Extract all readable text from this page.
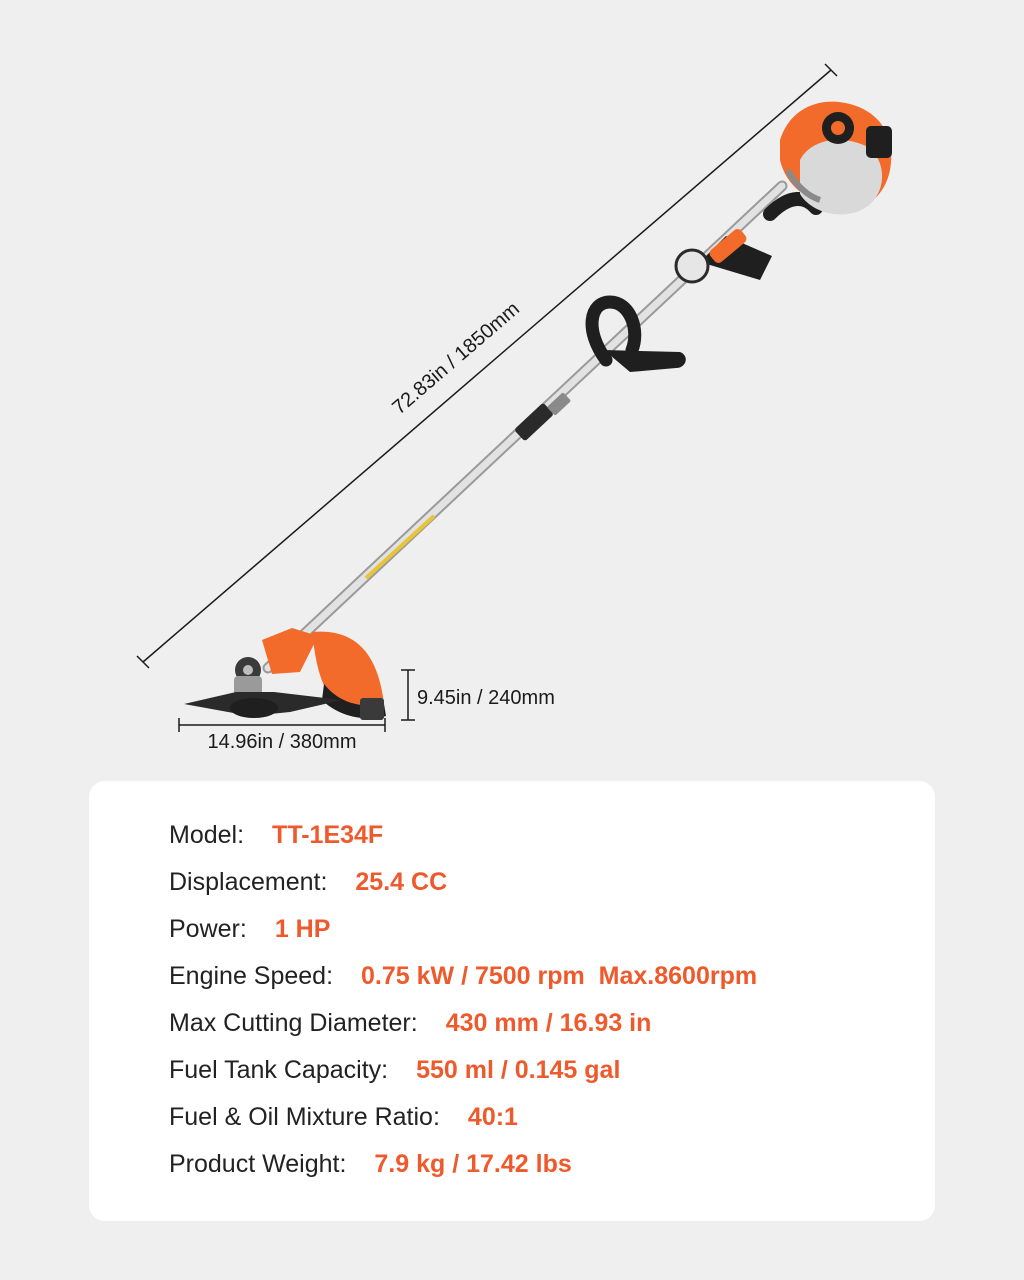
72.83in / 1850mm
9.45in / 240mm
14.96in / 380mm
Model: TT-1E34F
Displacement: 25.4 CC
Power: 1 HP
Engine Speed: 0.75 kW / 7500 rpm  Max.8600rpm
Max Cutting Diameter: 430 mm / 16.93 in
Fuel Tank Capacity: 550 ml / 0.145 gal
Fuel & Oil Mixture Ratio: 40:1
Product Weight: 7.9 kg / 17.42 lbs
